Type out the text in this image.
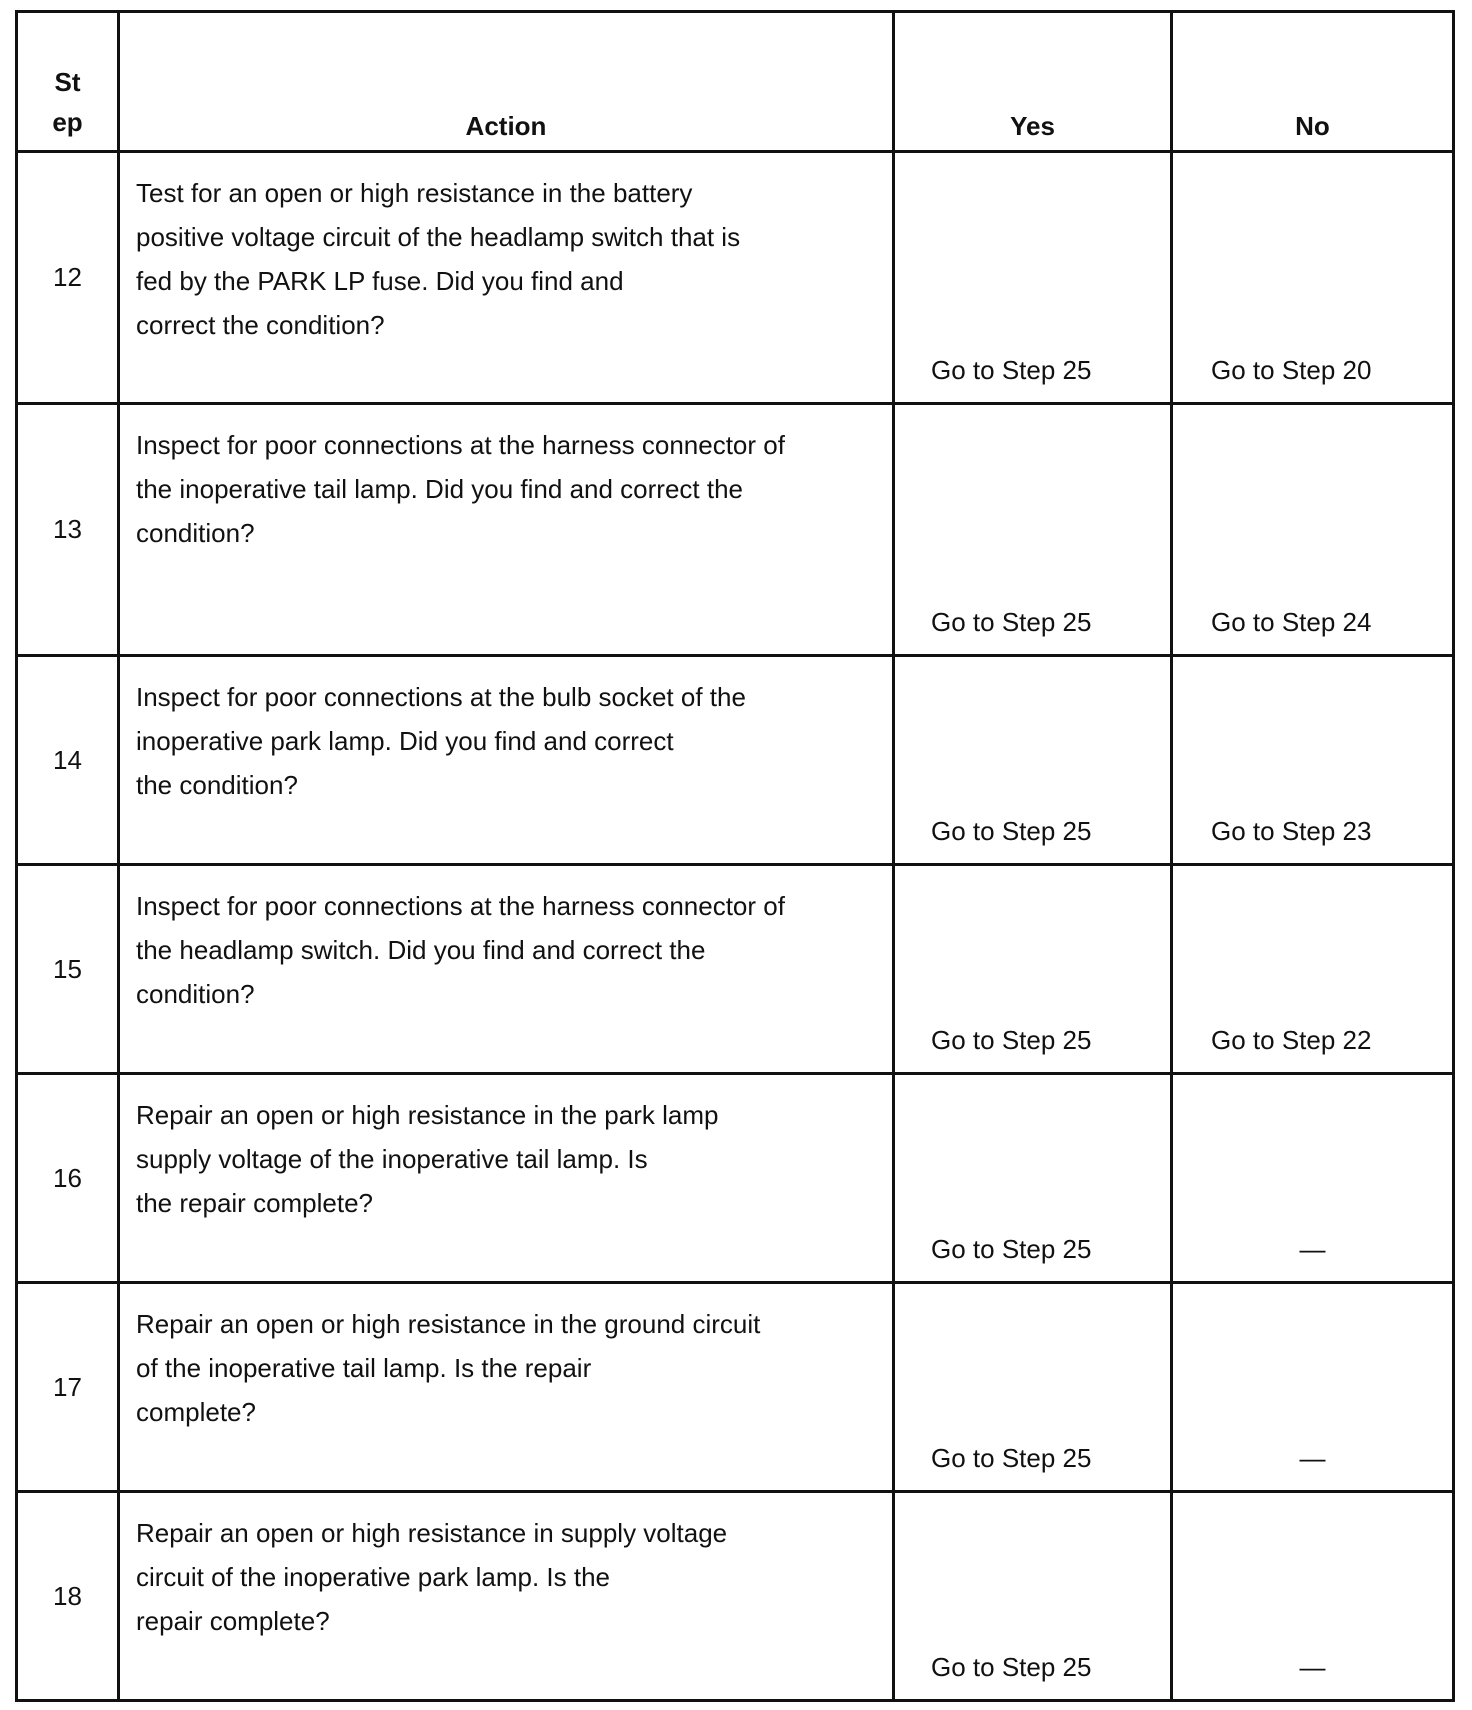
St
ep	Action	Yes	No
12	Test for an open or high resistance in the battery
positive voltage circuit of the headlamp switch that is
fed by the PARK LP fuse. Did you find and
correct the condition?	Go to Step 25	Go to Step 20
13	Inspect for poor connections at the harness connector of
the inoperative tail lamp. Did you find and correct the
condition?	Go to Step 25	Go to Step 24
14	Inspect for poor connections at the bulb socket of the
inoperative park lamp. Did you find and correct
the condition?	Go to Step 25	Go to Step 23
15	Inspect for poor connections at the harness connector of
the headlamp switch. Did you find and correct the
condition?	Go to Step 25	Go to Step 22
16	Repair an open or high resistance in the park lamp
supply voltage of the inoperative tail lamp. Is
the repair complete?	Go to Step 25	—
17	Repair an open or high resistance in the ground circuit
of the inoperative tail lamp. Is the repair
complete?	Go to Step 25	—
18	Repair an open or high resistance in supply voltage
circuit of the inoperative park lamp. Is the
repair complete?	Go to Step 25	—
